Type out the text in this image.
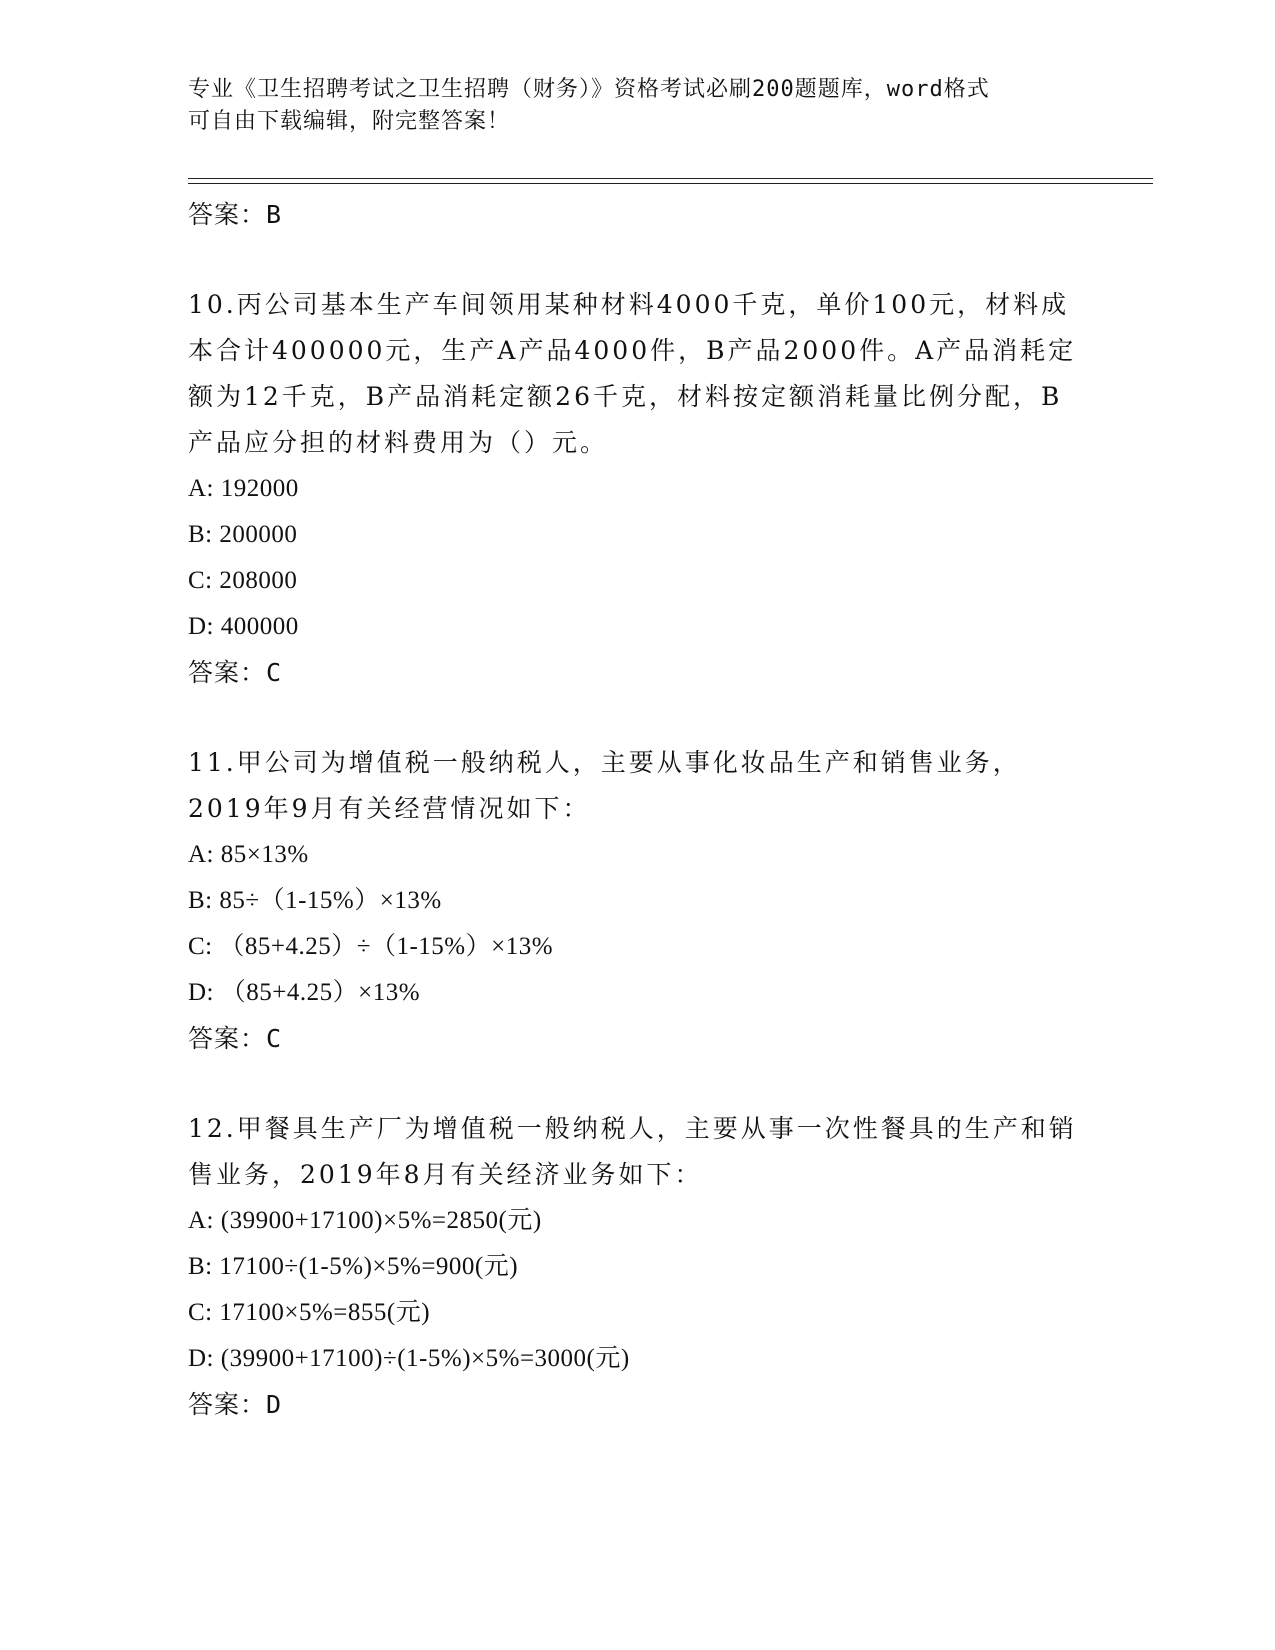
专业《卫生招聘考试之卫生招聘（财务）》资格考试必刷200题题库，word格式
可自由下载编辑，附完整答案！
答案：B
10.丙公司基本生产车间领用某种材料4000千克，单价100元，材料成本合计400000元，生产A产品4000件，B产品2000件。A产品消耗定额为12千克，B产品消耗定额26千克，材料按定额消耗量比例分配，B产品应分担的材料费用为（）元。
A: 192000
B: 200000
C: 208000
D: 400000
答案：C
11.甲公司为增值税一般纳税人，主要从事化妆品生产和销售业务，2019年9月有关经营情况如下：
A: 85×13%
B: 85÷（1-15%）×13%
C: （85+4.25）÷（1-15%）×13%
D: （85+4.25）×13%
答案：C
12.甲餐具生产厂为增值税一般纳税人，主要从事一次性餐具的生产和销售业务，2019年8月有关经济业务如下：
A: (39900+17100)×5%=2850(元)
B: 17100÷(1-5%)×5%=900(元)
C: 17100×5%=855(元)
D: (39900+17100)÷(1-5%)×5%=3000(元)
答案：D
